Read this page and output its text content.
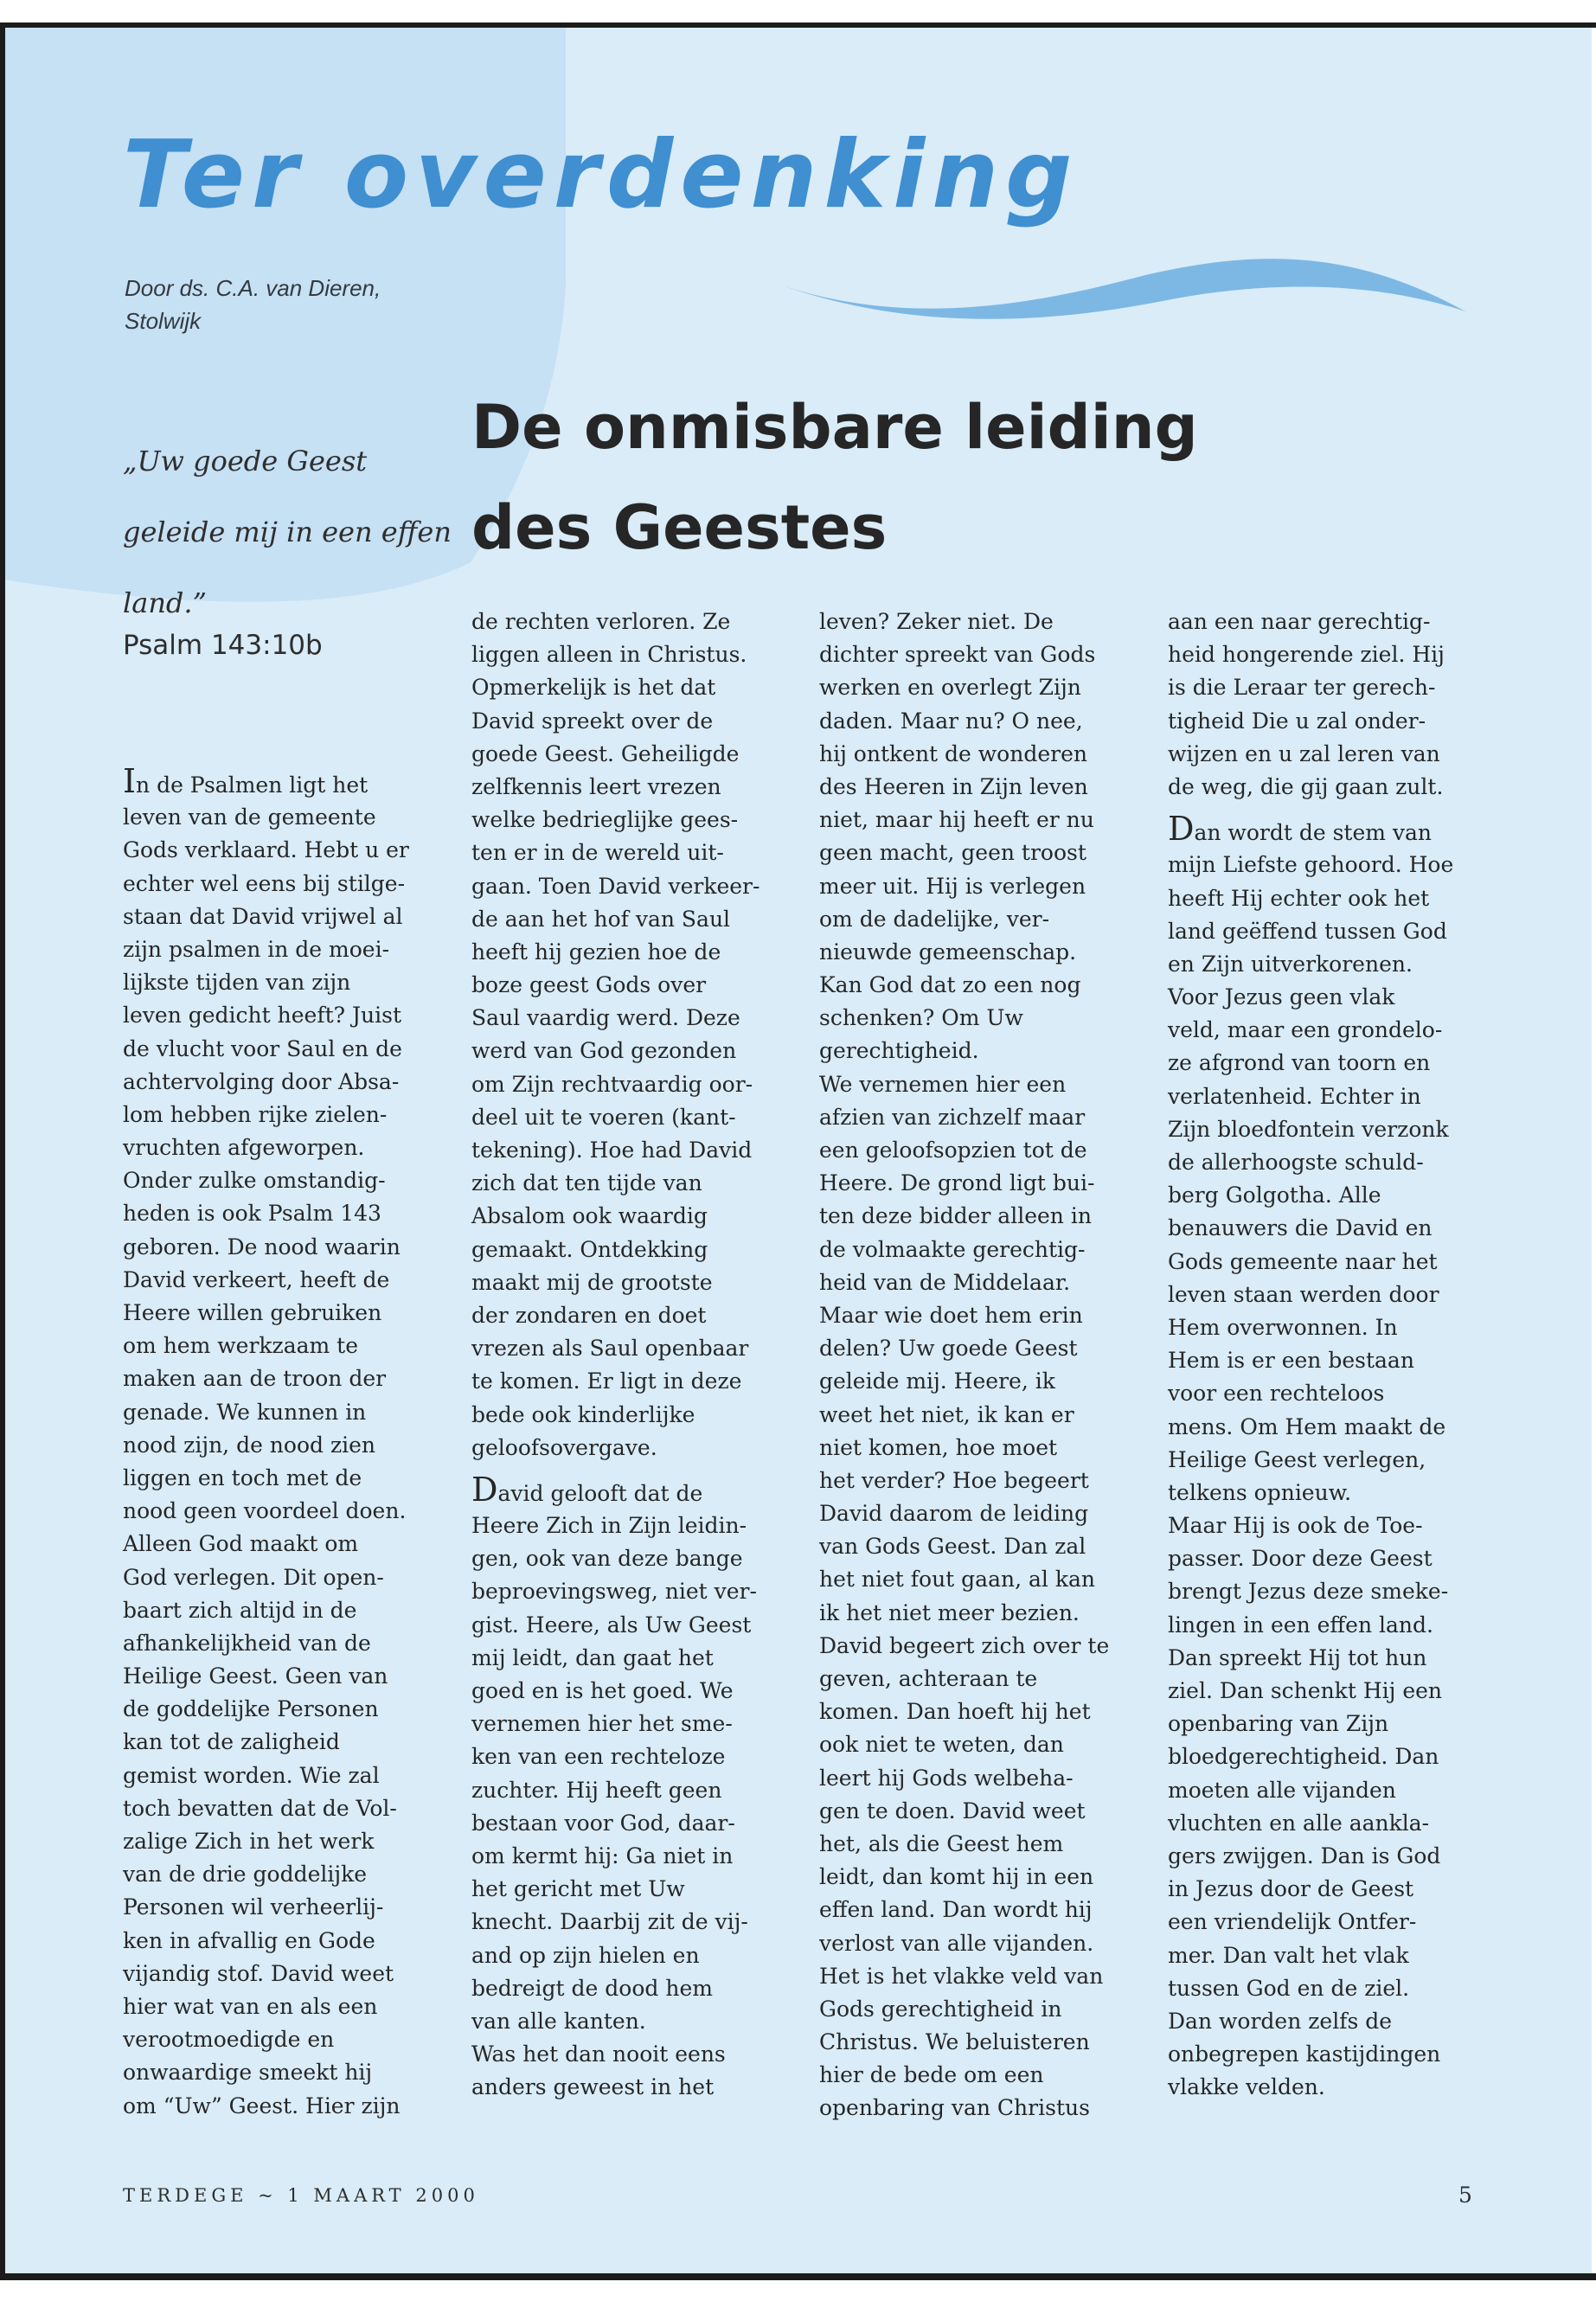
Ter overdenking
Door ds. C.A. van Dieren,
Stolwijk
De onmisbare leiding
des Geestes
„Uw goede Geest
geleide mij in een effen
land.”
Psalm 143:10b
In de Psalmen ligt het
leven van de gemeente
Gods verklaard. Hebt u er
echter wel eens bij stilge-
staan dat David vrijwel al
zijn psalmen in de moei-
lijkste tijden van zijn
leven gedicht heeft? Juist
de vlucht voor Saul en de
achtervolging door Absa-
lom hebben rijke zielen-
vruchten afgeworpen.
Onder zulke omstandig-
heden is ook Psalm 143
geboren. De nood waarin
David verkeert, heeft de
Heere willen gebruiken
om hem werkzaam te
maken aan de troon der
genade. We kunnen in
nood zijn, de nood zien
liggen en toch met de
nood geen voordeel doen.
Alleen God maakt om
God verlegen. Dit open-
baart zich altijd in de
afhankelijkheid van de
Heilige Geest. Geen van
de goddelijke Personen
kan tot de zaligheid
gemist worden. Wie zal
toch bevatten dat de Vol-
zalige Zich in het werk
van de drie goddelijke
Personen wil verheerlij-
ken in afvallig en Gode
vijandig stof. David weet
hier wat van en als een
verootmoedigde en
onwaardige smeekt hij
om “Uw” Geest. Hier zijn
de rechten verloren. Ze
liggen alleen in Christus.
Opmerkelijk is het dat
David spreekt over de
goede Geest. Geheiligde
zelfkennis leert vrezen
welke bedrieglijke gees-
ten er in de wereld uit-
gaan. Toen David verkeer-
de aan het hof van Saul
heeft hij gezien hoe de
boze geest Gods over
Saul vaardig werd. Deze
werd van God gezonden
om Zijn rechtvaardig oor-
deel uit te voeren (kant-
tekening). Hoe had David
zich dat ten tijde van
Absalom ook waardig
gemaakt. Ontdekking
maakt mij de grootste
der zondaren en doet
vrezen als Saul openbaar
te komen. Er ligt in deze
bede ook kinderlijke
geloofsovergave.
David gelooft dat de
Heere Zich in Zijn leidin-
gen, ook van deze bange
beproevingsweg, niet ver-
gist. Heere, als Uw Geest
mij leidt, dan gaat het
goed en is het goed. We
vernemen hier het sme-
ken van een rechteloze
zuchter. Hij heeft geen
bestaan voor God, daar-
om kermt hij: Ga niet in
het gericht met Uw
knecht. Daarbij zit de vij-
and op zijn hielen en
bedreigt de dood hem
van alle kanten.
Was het dan nooit eens
anders geweest in het
leven? Zeker niet. De
dichter spreekt van Gods
werken en overlegt Zijn
daden. Maar nu? O nee,
hij ontkent de wonderen
des Heeren in Zijn leven
niet, maar hij heeft er nu
geen macht, geen troost
meer uit. Hij is verlegen
om de dadelijke, ver-
nieuwde gemeenschap.
Kan God dat zo een nog
schenken? Om Uw
gerechtigheid.
We vernemen hier een
afzien van zichzelf maar
een geloofsopzien tot de
Heere. De grond ligt bui-
ten deze bidder alleen in
de volmaakte gerechtig-
heid van de Middelaar.
Maar wie doet hem erin
delen? Uw goede Geest
geleide mij. Heere, ik
weet het niet, ik kan er
niet komen, hoe moet
het verder? Hoe begeert
David daarom de leiding
van Gods Geest. Dan zal
het niet fout gaan, al kan
ik het niet meer bezien.
David begeert zich over te
geven, achteraan te
komen. Dan hoeft hij het
ook niet te weten, dan
leert hij Gods welbeha-
gen te doen. David weet
het, als die Geest hem
leidt, dan komt hij in een
effen land. Dan wordt hij
verlost van alle vijanden.
Het is het vlakke veld van
Gods gerechtigheid in
Christus. We beluisteren
hier de bede om een
openbaring van Christus
aan een naar gerechtig-
heid hongerende ziel. Hij
is die Leraar ter gerech-
tigheid Die u zal onder-
wijzen en u zal leren van
de weg, die gij gaan zult.
Dan wordt de stem van
mijn Liefste gehoord. Hoe
heeft Hij echter ook het
land geëffend tussen God
en Zijn uitverkorenen.
Voor Jezus geen vlak
veld, maar een grondelo-
ze afgrond van toorn en
verlatenheid. Echter in
Zijn bloedfontein verzonk
de allerhoogste schuld-
berg Golgotha. Alle
benauwers die David en
Gods gemeente naar het
leven staan werden door
Hem overwonnen. In
Hem is er een bestaan
voor een rechteloos
mens. Om Hem maakt de
Heilige Geest verlegen,
telkens opnieuw.
Maar Hij is ook de Toe-
passer. Door deze Geest
brengt Jezus deze smeke-
lingen in een effen land.
Dan spreekt Hij tot hun
ziel. Dan schenkt Hij een
openbaring van Zijn
bloedgerechtigheid. Dan
moeten alle vijanden
vluchten en alle aankla-
gers zwijgen. Dan is God
in Jezus door de Geest
een vriendelijk Ontfer-
mer. Dan valt het vlak
tussen God en de ziel.
Dan worden zelfs de
onbegrepen kastijdingen
vlakke velden.
TERDEGE ~ 1 MAART 2000	5
